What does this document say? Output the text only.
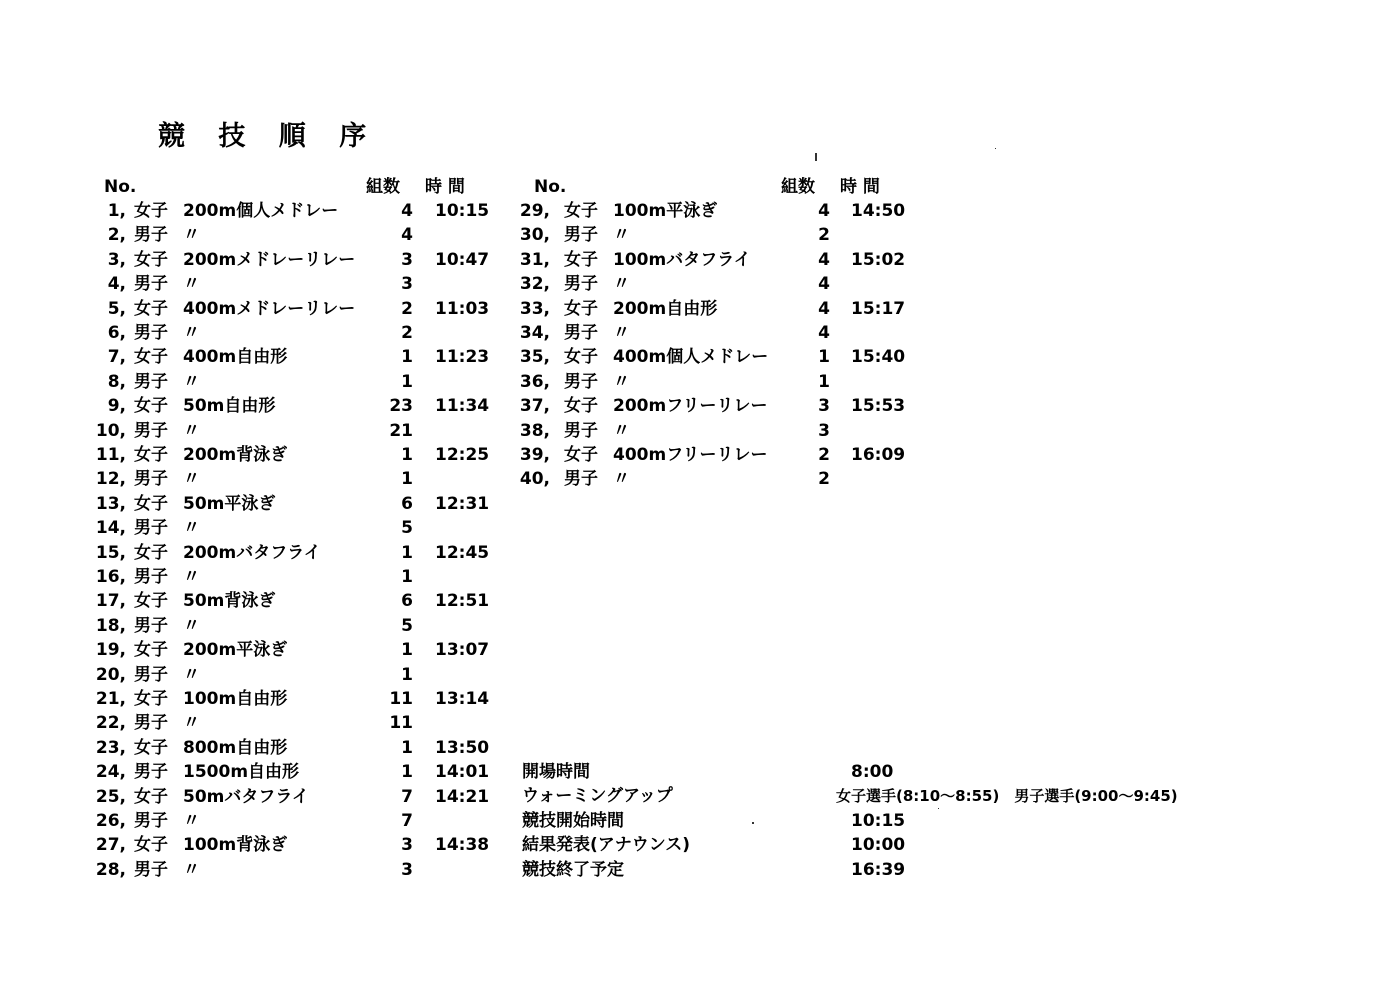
競 技 順 序
No.	組数 時 間	No.	組数 時 間
1, 女子 200m個人メドレー	4 10:15
2, 男子 〃	4
3, 女子 200mメドレーリレー	3 10:47
4, 男子 〃	3
5, 女子 400mメドレーリレー	2 11:03
6, 男子 〃	2
7, 女子 400m自由形	1 11:23
8, 男子 〃	1
9, 女子 50m自由形	23 11:34
10, 男子 〃	21
11, 女子 200m背泳ぎ	1 12:25
12, 男子 〃	1
13, 女子 50m平泳ぎ	6 12:31
14, 男子 〃	5
15, 女子 200mバタフライ	1 12:45
16, 男子 〃	1
17, 女子 50m背泳ぎ	6 12:51
18, 男子 〃	5
19, 女子 200m平泳ぎ	1 13:07
20, 男子 〃	1
21, 女子 100m自由形	11 13:14
22, 男子 〃	11
23, 女子 800m自由形	1 13:50
24, 男子 1500m自由形	1 14:01
25, 女子 50mバタフライ	7 14:21
26, 男子 〃	7
27, 女子 100m背泳ぎ	3 14:38
28, 男子 〃	3
29, 女子 100m平泳ぎ	4 14:50
30, 男子 〃	2
31, 女子 100mバタフライ	4 15:02
32, 男子 〃	4
33, 女子 200m自由形	4 15:17
34, 男子 〃	4
35, 女子 400m個人メドレー	1 15:40
36, 男子 〃	1
37, 女子 200mフリーリレー	3 15:53
38, 男子 〃	3
39, 女子 400mフリーリレー	2 16:09
40, 男子 〃	2
開場時間	8:00
ウォーミングアップ	女子選手(8:10～8:55)　男子選手(9:00～9:45)
競技開始時間	10:15
結果発表(アナウンス)	10:00
競技終了予定	16:39
